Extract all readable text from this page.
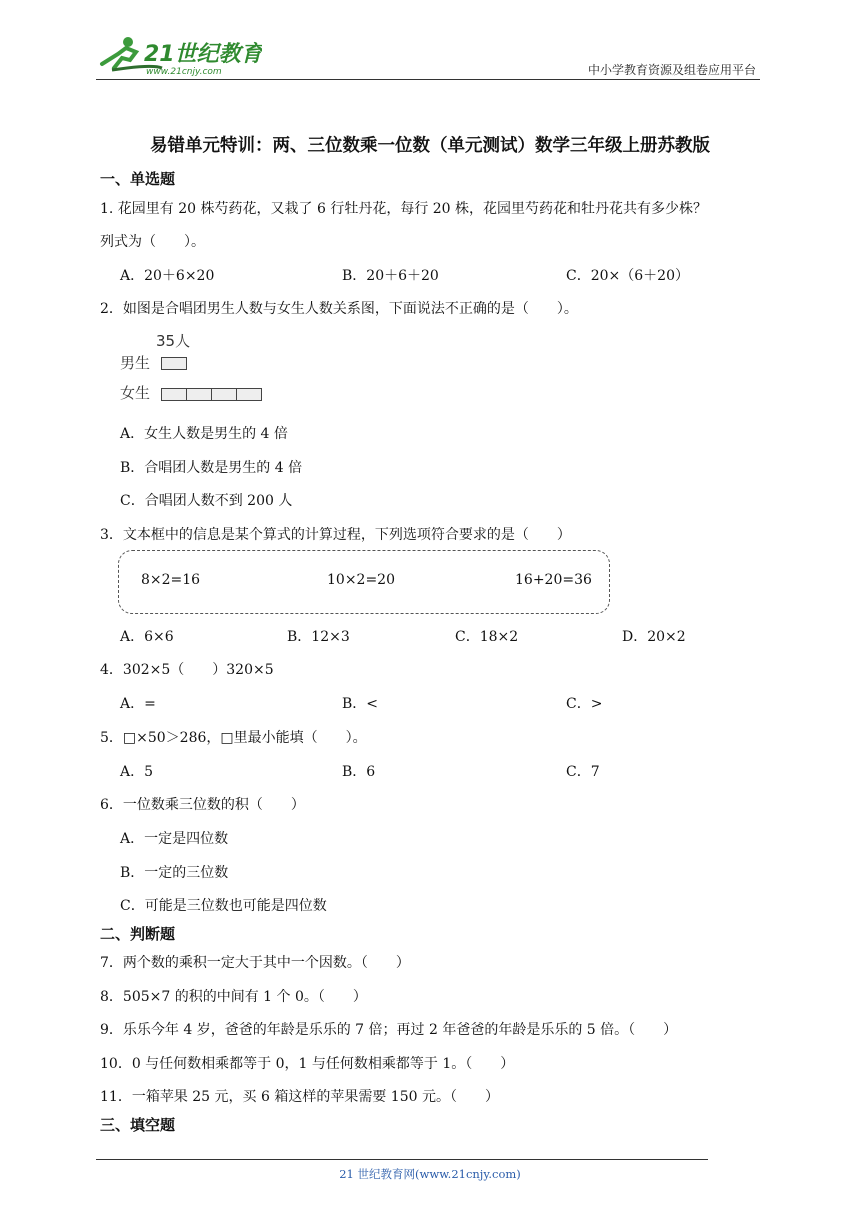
21世纪教育
www.21cnjy.com	中小学教育资源及组卷应用平台
易错单元特训：两、三位数乘一位数（单元测试）数学三年级上册苏教版
一、单选题
1. 花园里有 20 株芍药花，又栽了 6 行牡丹花，每行 20 株，花园里芍药花和牡丹花共有多少株？
列式为（　　）。
A．20＋6×20	B．20＋6＋20	C．20×（6＋20）
2．如图是合唱团男生人数与女生人数关系图，下面说法不正确的是（　　）。
35人
男生
女生
A．女生人数是男生的 4 倍
B．合唱团人数是男生的 4 倍
C．合唱团人数不到 200 人
3．文本框中的信息是某个算式的计算过程，下列选项符合要求的是（　　）
8×2=16	10×2=20	16+20=36
A．6×6	B．12×3	C．18×2	D．20×2
4．302×5（　　）320×5
A．=	B．<	C．>
5．□×50＞286，□里最小能填（　　）。
A．5	B．6	C．7
6．一位数乘三位数的积（　　）
A．一定是四位数
B．一定的三位数
C．可能是三位数也可能是四位数
二、判断题
7．两个数的乘积一定大于其中一个因数。（　　）
8．505×7 的积的中间有 1 个 0。（　　）
9．乐乐今年 4 岁，爸爸的年龄是乐乐的 7 倍；再过 2 年爸爸的年龄是乐乐的 5 倍。（　　）
10．0 与任何数相乘都等于 0，1 与任何数相乘都等于 1。（　　）
11．一箱苹果 25 元，买 6 箱这样的苹果需要 150 元。（　　）
三、填空题
21 世纪教育网(www.21cnjy.com)
